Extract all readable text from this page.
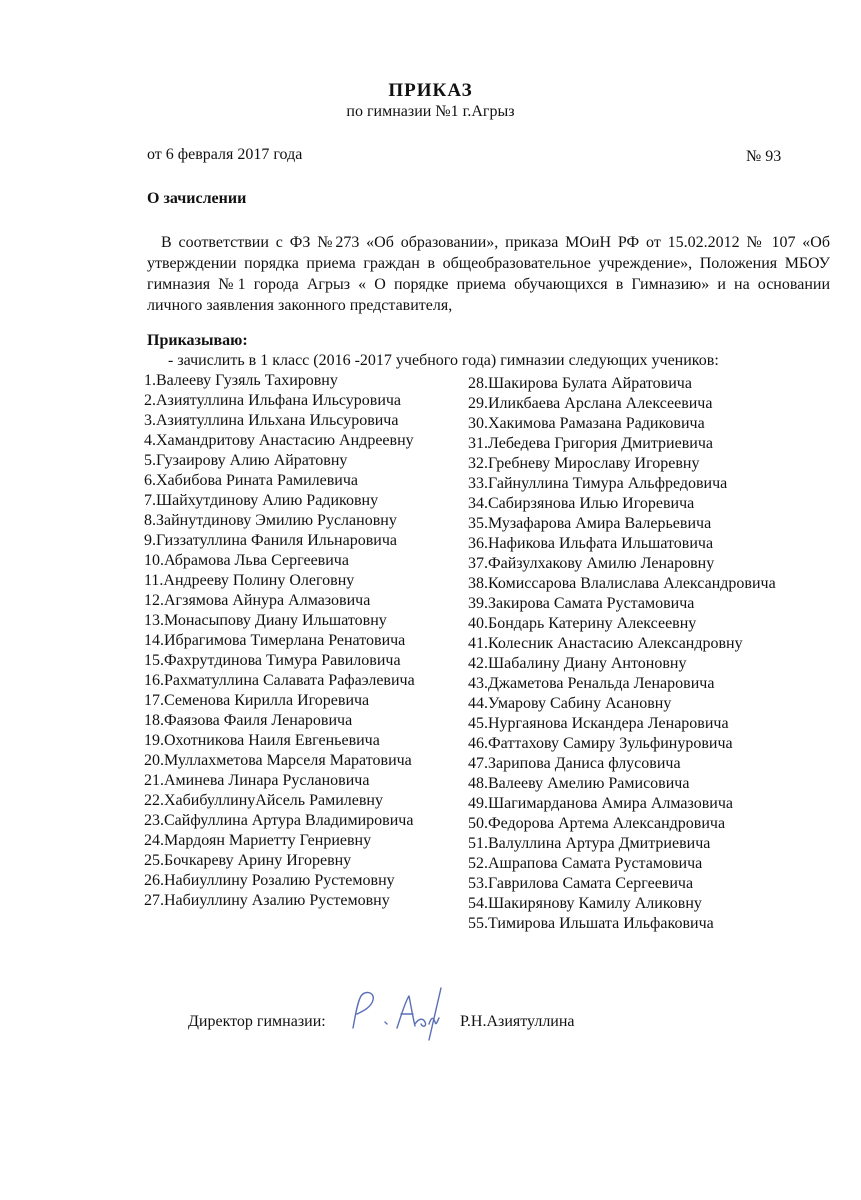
ПРИКАЗ
по гимназии №1 г.Агрыз
от 6 февраля 2017 года	№ 93
О зачислении
В соответствии с ФЗ №273 «Об образовании», приказа МОиН РФ от 15.02.2012 № 107 «Об утверждении порядка приема граждан в общеобразовательное учреждение», Положения МБОУ гимназия №1 города Агрыз « О порядке приема обучающихся в Гимназию» и на основании личного заявления законного представителя,
Приказываю:
- зачислить в 1 класс (2016 -2017 учебного года) гимназии следующих учеников:
1.Валееву Гузяль Тахировну
2.Азиятуллина Ильфана Ильсуровича
3.Азиятуллина Ильхана Ильсуровича
4.Хамандритову Анастасию Андреевну
5.Гузаирову Алию Айратовну
6.Хабибова Рината Рамилевича
7.Шайхутдинову Алию Радиковну
8.Зайнутдинову Эмилию Руслановну
9.Гиззатуллина Фаниля Ильнаровича
10.Абрамова Льва Сергеевича
11.Андрееву Полину Олеговну
12.Агзямова Айнура Алмазовича
13.Монасыпову Диану Ильшатовну
14.Ибрагимова Тимерлана Ренатовича
15.Фахрутдинова Тимура Равиловича
16.Рахматуллина Салавата Рафаэлевича
17.Семенова Кирилла Игоревича
18.Фаязова Фаиля Ленаровича
19.Охотникова Наиля Евгеньевича
20.Муллахметова Марселя Маратовича
21.Аминева Линара Руслановича
22.ХабибуллинуАйсель Рамилевну
23.Сайфуллина Артура Владимировича
24.Мардоян Мариетту Генриевну
25.Бочкареву Арину Игоревну
26.Набиуллину Розалию Рустемовну
27.Набиуллину Азалию Рустемовну
28.Шакирова Булата Айратовича
29.Иликбаева Арслана Алексеевича
30.Хакимова Рамазана Радиковича
31.Лебедева Григория Дмитриевича
32.Гребневу Мирославу Игоревну
33.Гайнуллина Тимура Альфредовича
34.Сабирзянова Илью Игоревича
35.Музафарова Амира Валерьевича
36.Нафикова Ильфата Ильшатовича
37.Файзулхакову Амилю Ленаровну
38.Комиссарова Влалислава Александровича
39.Закирова Самата Рустамовича
40.Бондарь Катерину Алексеевну
41.Колесник Анастасию Александровну
42.Шабалину Диану Антоновну
43.Джаметова Ренальда Ленаровича
44.Умарову Сабину Асановну
45.Нургаянова Искандера Ленаровича
46.Фаттахову Самиру Зульфинуровича
47.Зарипова Даниса флусовича
48.Валееву Амелию Рамисовича
49.Шагимарданова Амира Алмазовича
50.Федорова Артема Александровича
51.Валуллина Артура Дмитриевича
52.Ашрапова Самата Рустамовича
53.Гаврилова Самата Сергеевича
54.Шакирянову Камилу Аликовну
55.Тимирова Ильшата Ильфаковича
Директор гимназии:	Р.Н.Азиятуллина
